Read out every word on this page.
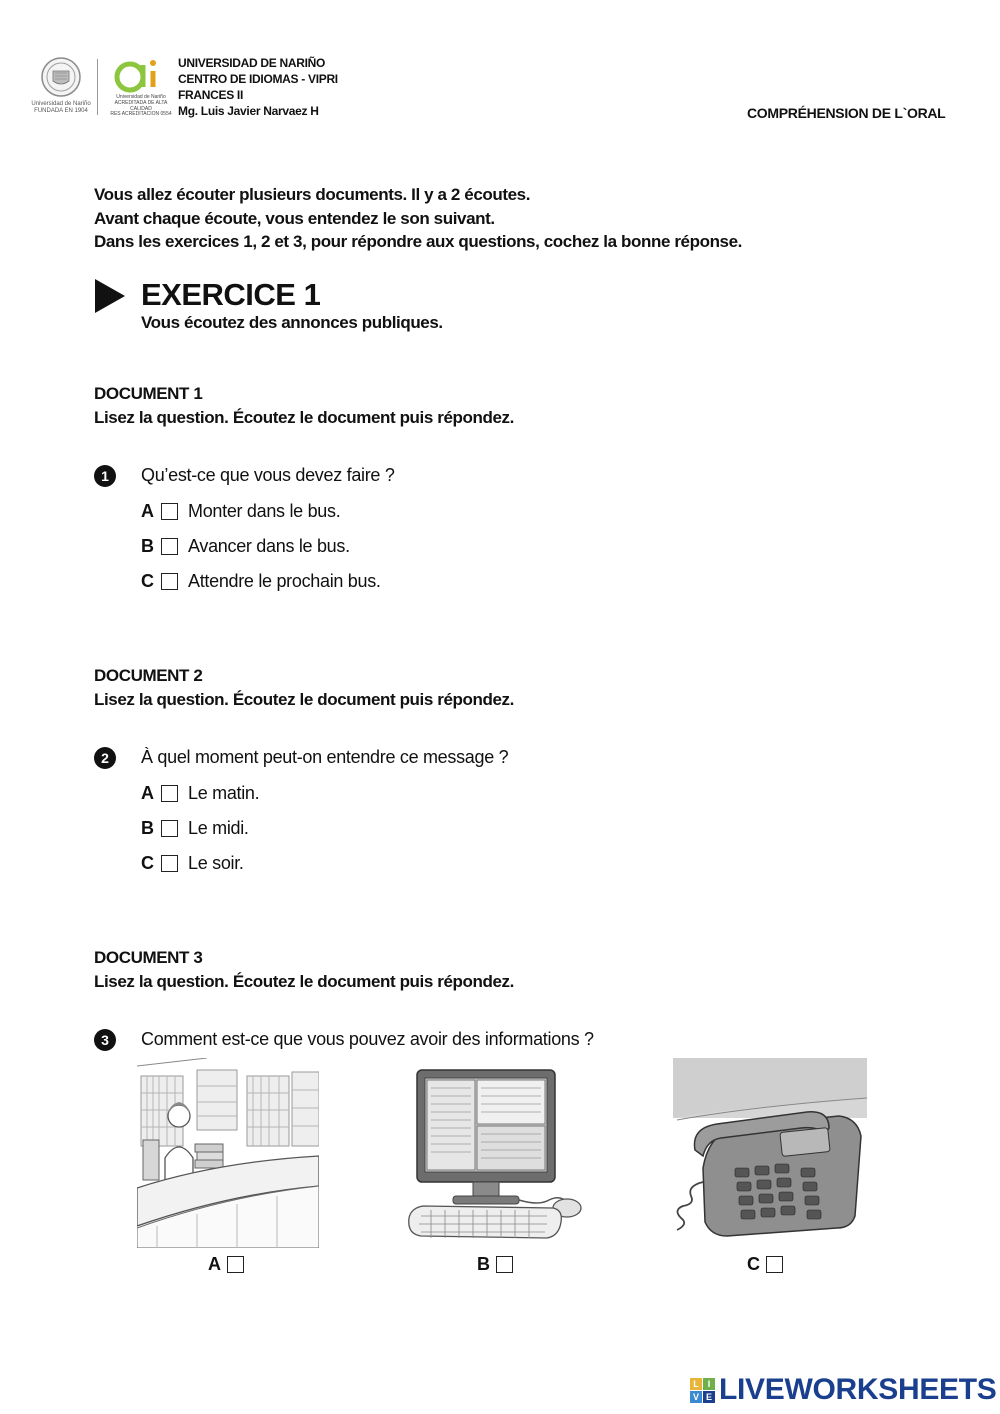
Universidad de Nariño
FUNDADA EN 1904
Universidad de Nariño
ACREDITADA DE ALTA CALIDAD
RES ACREDITACION 0554
UNIVERSIDAD DE NARIÑO
CENTRO DE IDIOMAS - VIPRI
FRANCES II
Mg. Luis Javier Narvaez H	COMPRÉHENSION DE L`ORAL
Vous allez écouter plusieurs documents. Il y a 2 écoutes.
Avant chaque écoute, vous entendez le son suivant.
Dans les exercices 1, 2 et 3, pour répondre aux questions, cochez la bonne réponse.
EXERCICE 1
Vous écoutez des annonces publiques.
DOCUMENT 1
Lisez la question. Écoutez le document puis répondez.
1	Qu’est-ce que vous devez faire ?
A	Monter dans le bus.
B	Avancer dans le bus.
C	Attendre le prochain bus.
DOCUMENT 2
Lisez la question. Écoutez le document puis répondez.
2	À quel moment peut-on entendre ce message ?
A	Le matin.
B	Le midi.
C	Le soir.
DOCUMENT 3
Lisez la question. Écoutez le document puis répondez.
3	Comment est-ce que vous pouvez avoir des informations ?
A	B	C
L I
V E LIVEWORKSHEETS
